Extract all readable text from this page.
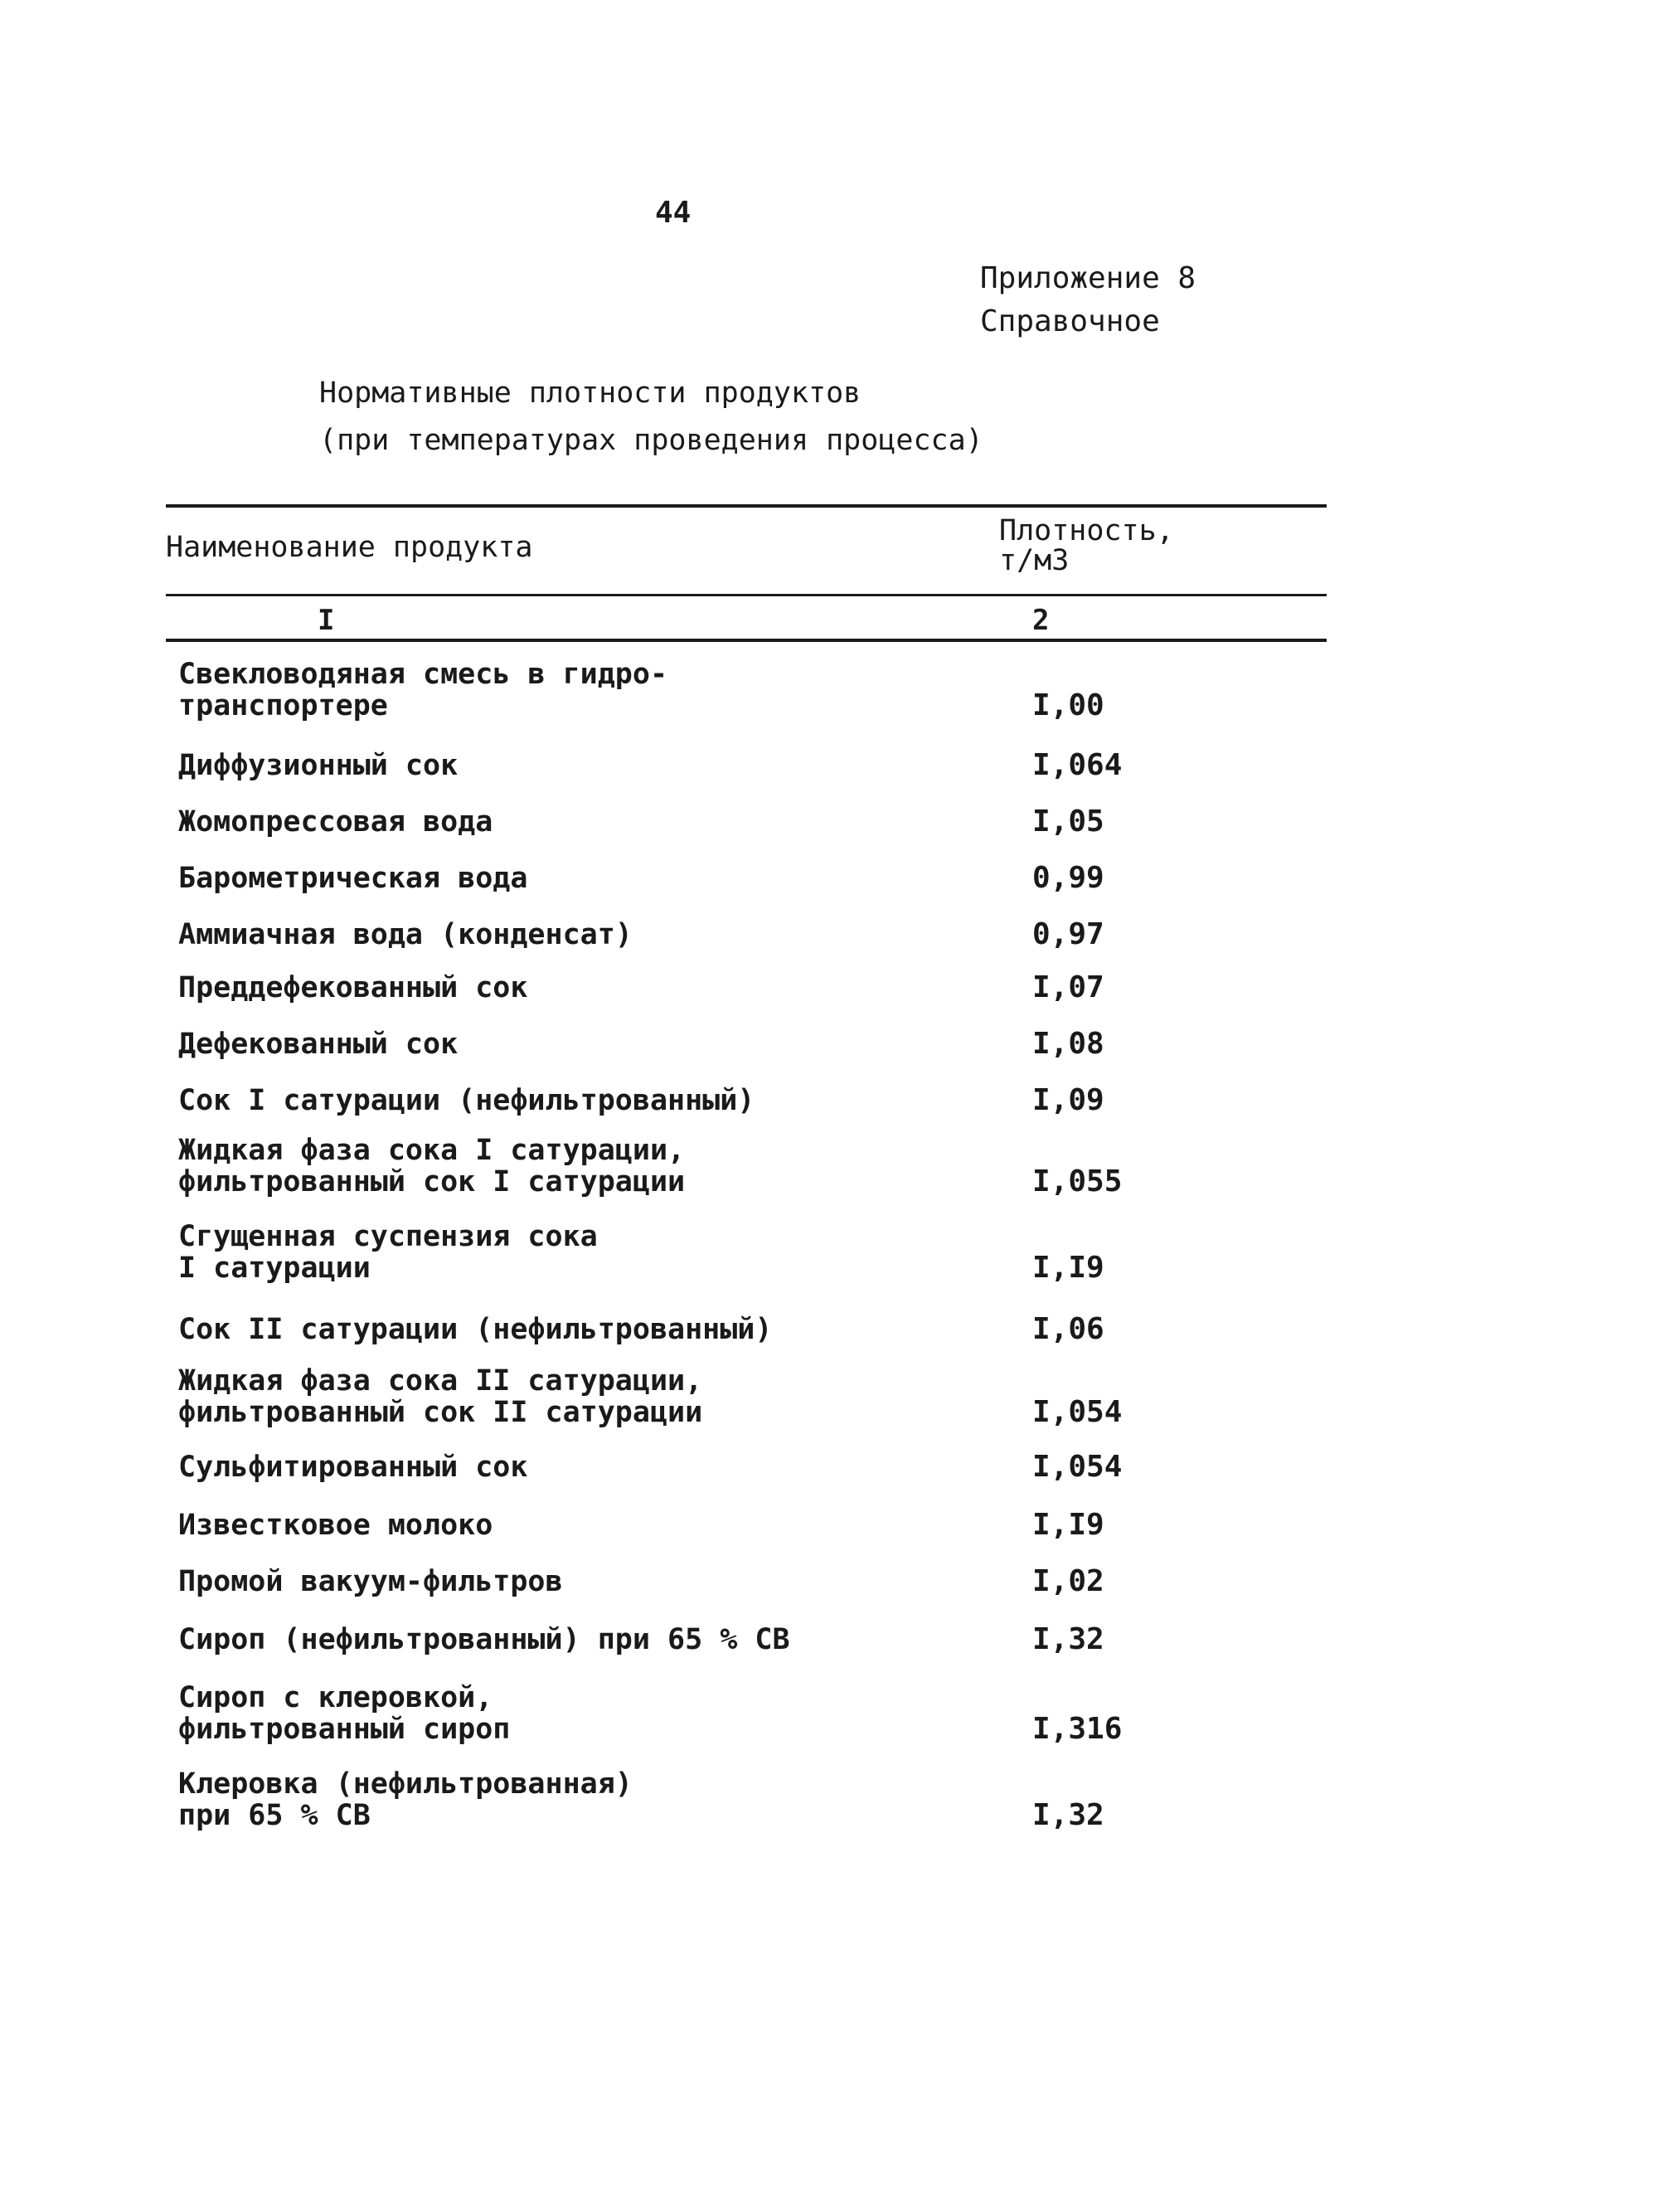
44
Приложение 8
Справочное
Нормативные плотности продуктов
(при температурах проведения процесса)
Наименование продукта	Плотность,
т/м3
I	2
Свекловодяная смесь в гидро-
транспортере	I,00
Диффузионный сок	I,064
Жомопрессовая вода	I,05
Барометрическая вода	0,99
Аммиачная вода (конденсат)	0,97
Преддефекованный сок	I,07
Дефекованный сок	I,08
Сок I сатурации (нефильтрованный)	I,09
Жидкая фаза сока I сатурации,
фильтрованный сок I сатурации	I,055
Сгущенная суспензия сока
I сатурации	I,I9
Сок II сатурации (нефильтрованный)	I,06
Жидкая фаза сока II сатурации,
фильтрованный сок II сатурации	I,054
Сульфитированный сок	I,054
Известковое молоко	I,I9
Промой вакуум-фильтров	I,02
Сироп (нефильтрованный) при 65 % СВ	I,32
Сироп с клеровкой,
фильтрованный сироп	I,316
Клеровка (нефильтрованная)
при 65 % СВ	I,32
